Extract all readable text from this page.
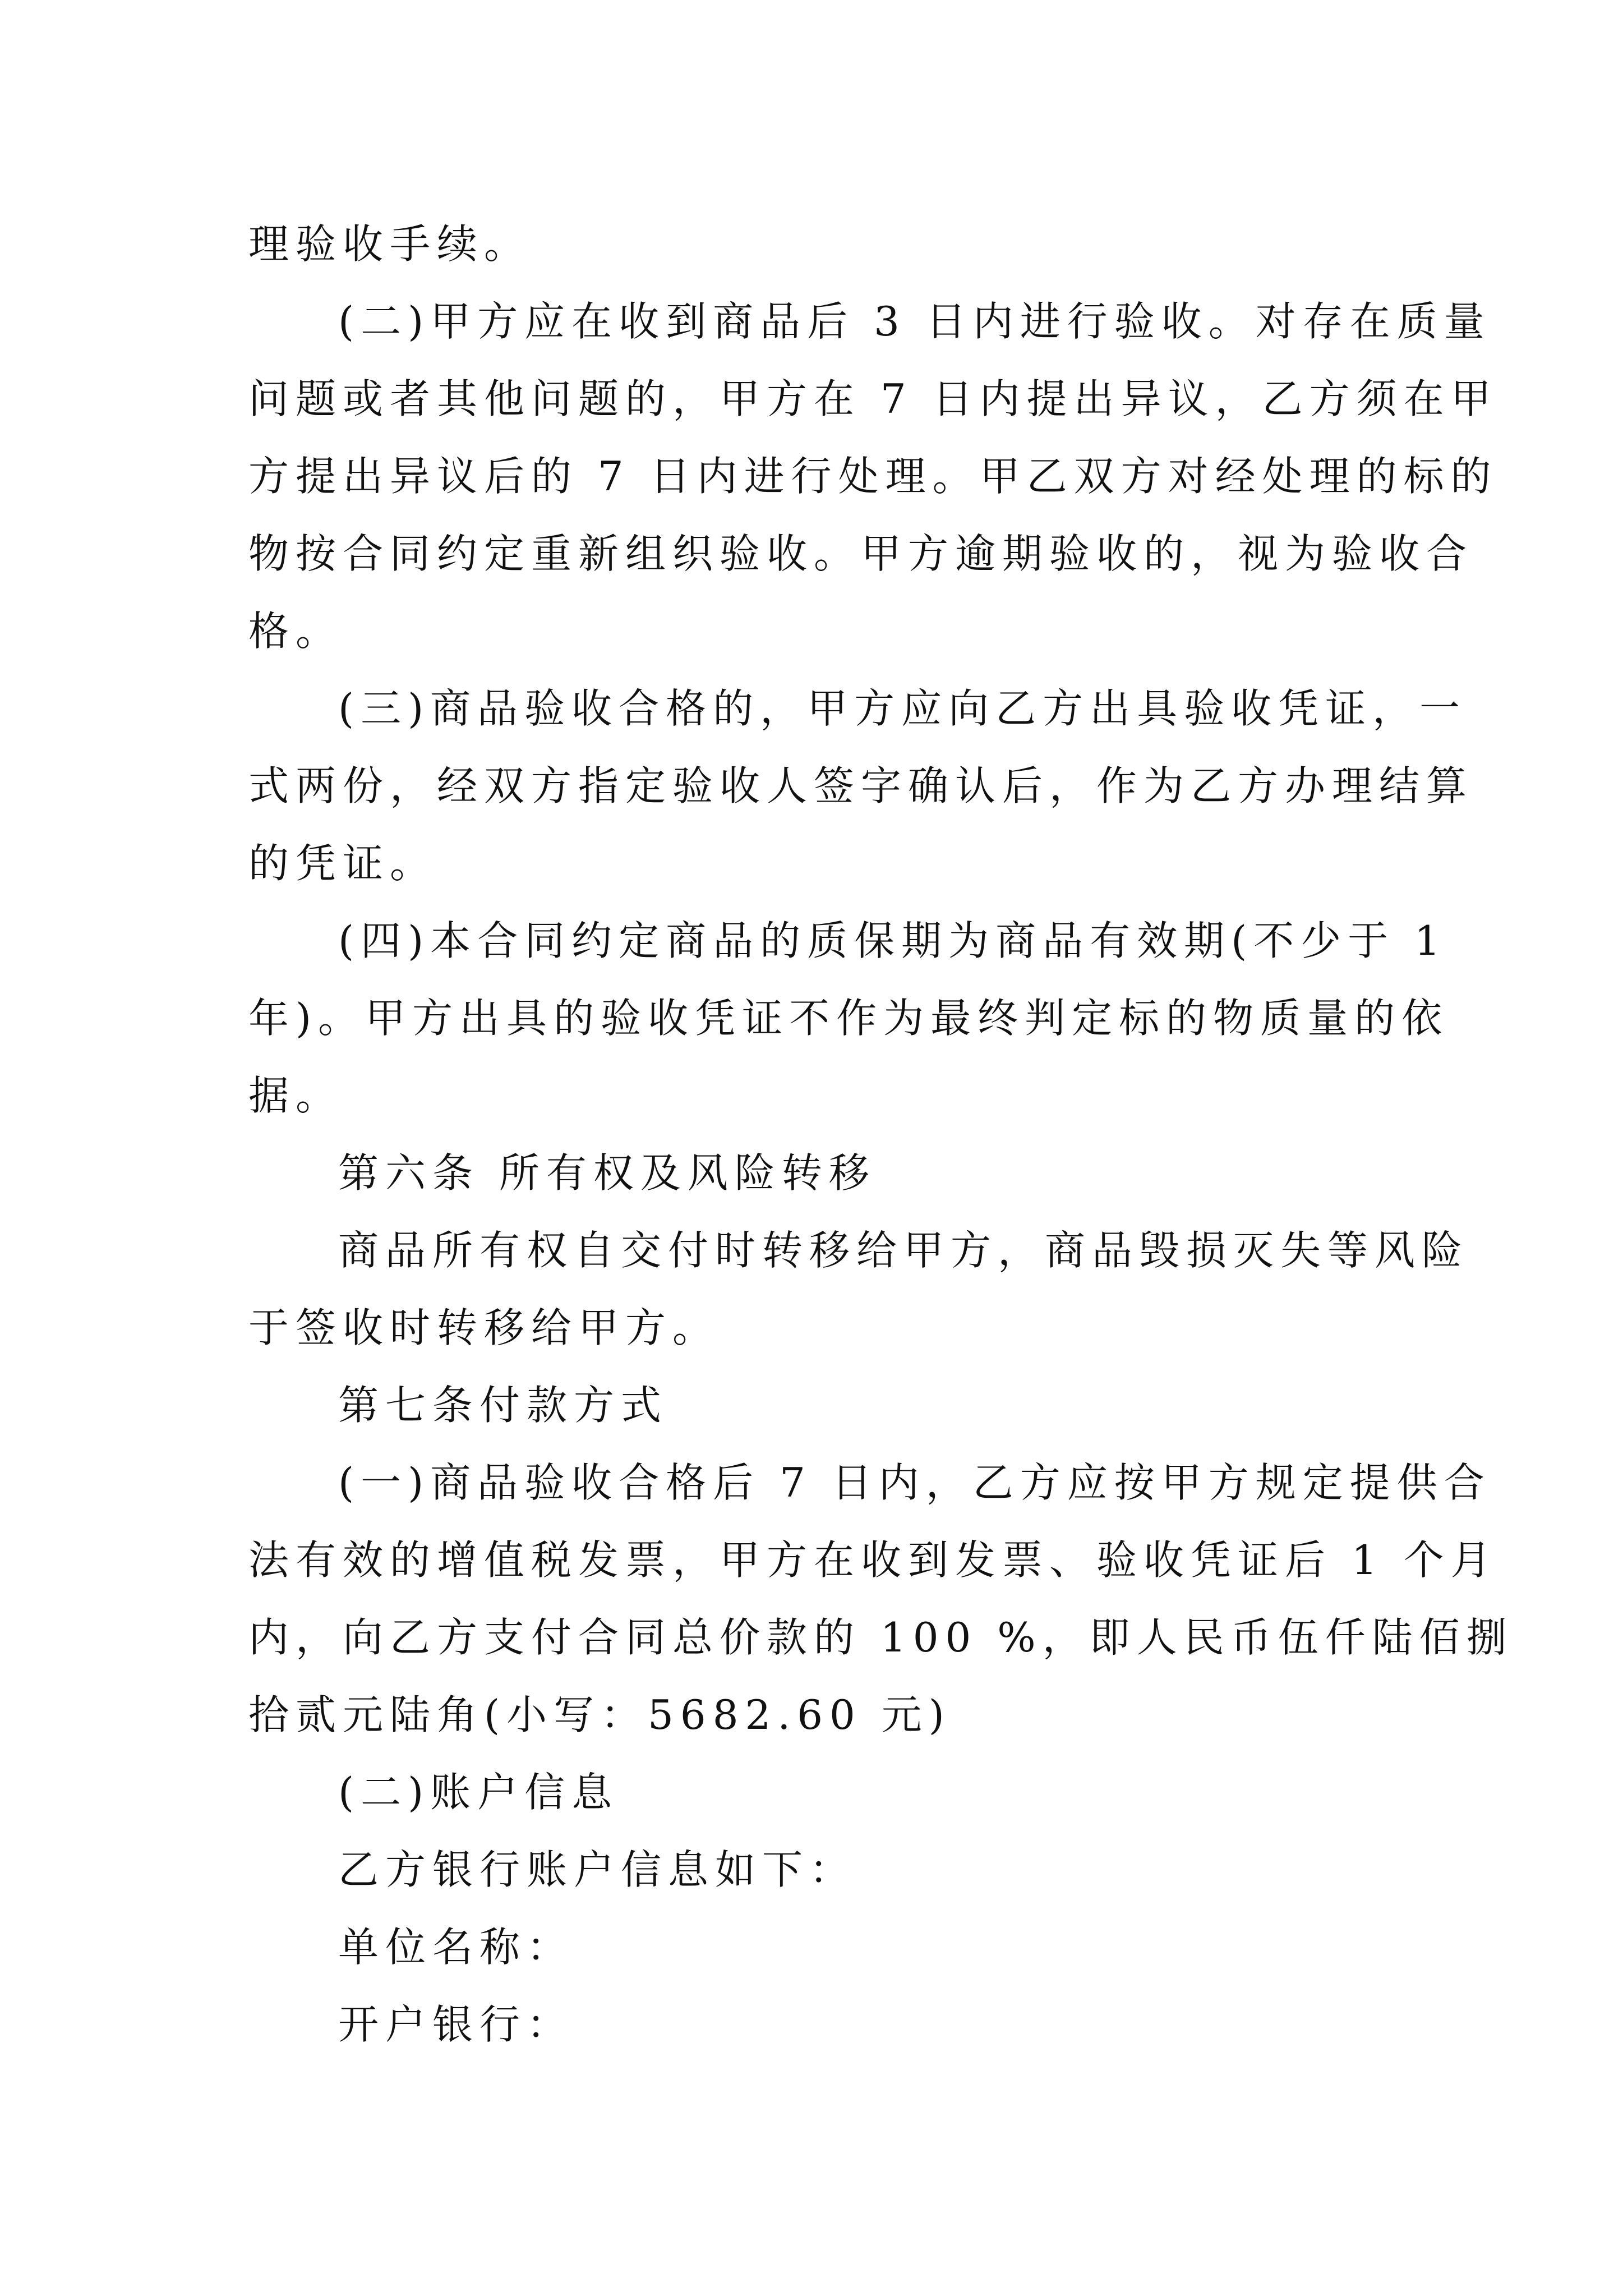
理验收手续。
(二)甲方应在收到商品后 3 日内进行验收。对存在质量
问题或者其他问题的，甲方在 7 日内提出异议，乙方须在甲
方提出异议后的 7 日内进行处理。甲乙双方对经处理的标的
物按合同约定重新组织验收。甲方逾期验收的，视为验收合
格。
(三)商品验收合格的，甲方应向乙方出具验收凭证，一
式两份，经双方指定验收人签字确认后，作为乙方办理结算
的凭证。
(四)本合同约定商品的质保期为商品有效期(不少于 1
年)。甲方出具的验收凭证不作为最终判定标的物质量的依
据。
第六条 所有权及风险转移
商品所有权自交付时转移给甲方，商品毁损灭失等风险
于签收时转移给甲方。
第七条付款方式
(一)商品验收合格后 7 日内，乙方应按甲方规定提供合
法有效的增值税发票，甲方在收到发票、验收凭证后 1 个月
内，向乙方支付合同总价款的 100 %，即人民币伍仟陆佰捌
拾贰元陆角(小写：5682.60 元)
(二)账户信息
乙方银行账户信息如下：
单位名称：
开户银行：
